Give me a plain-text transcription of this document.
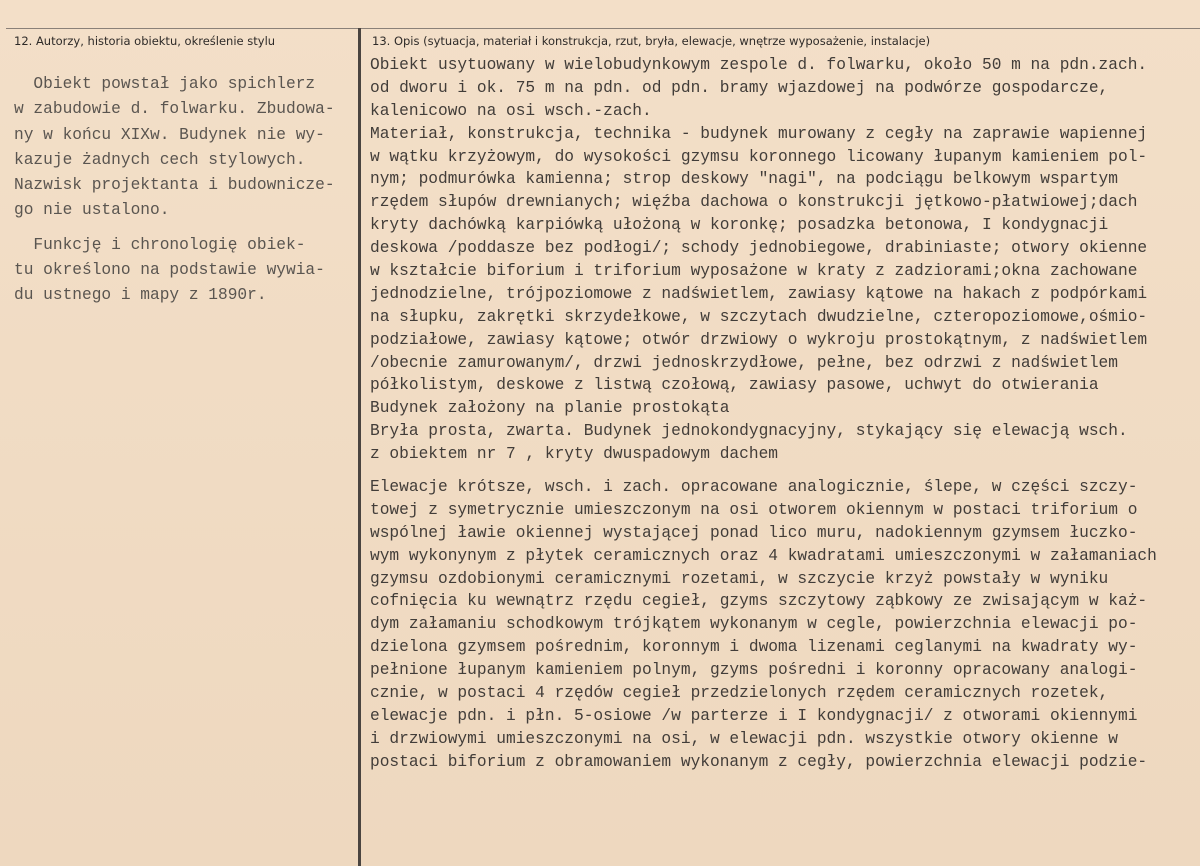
12. Autorzy, historia obiektu, określenie stylu	13. Opis (sytuacja, materiał i konstrukcja, rzut, bryła, elewacje, wnętrze wyposażenie, instalacje)

Obiekt powstał jako spichlerz

w zabudowie d. folwarku. Zbudowa-

ny w końcu XIXw. Budynek nie wy-

kazuje żadnych cech stylowych.

Nazwisk projektanta i budownicze-

go nie ustalono.

Funkcję i chronologię obiek-

tu określono na podstawie wywia-

du ustnego i mapy z 1890r.

Obiekt usytuowany w wielobudynkowym zespole d. folwarku, około 50 m na pdn.zach.
od dworu i ok. 75 m na pdn. od pdn. bramy wjazdowej na podwórze gospodarcze,
kalenicowo na osi wsch.-zach.
Materiał, konstrukcja, technika - budynek murowany z cegły na zaprawie wapiennej
w wątku krzyżowym, do wysokości gzymsu koronnego licowany łupanym kamieniem pol-
nym; podmurówka kamienna; strop deskowy "nagi", na podciągu belkowym wspartym
rzędem słupów drewnianych; więźba dachowa o konstrukcji jętkowo-płatwiowej;dach
kryty dachówką karpiówką ułożoną w koronkę; posadzka betonowa, I kondygnacji
deskowa /poddasze bez podłogi/; schody jednobiegowe, drabiniaste; otwory okienne
w kształcie biforium i triforium wyposażone w kraty z zadziorami;okna zachowane
jednodzielne, trójpoziomowe z nadświetlem, zawiasy kątowe na hakach z podpórkami
na słupku, zakrętki skrzydełkowe, w szczytach dwudzielne, czteropoziomowe,ośmio-
podziałowe, zawiasy kątowe; otwór drzwiowy o wykroju prostokątnym, z nadświetlem
/obecnie zamurowanym/, drzwi jednoskrzydłowe, pełne, bez odrzwi z nadświetlem
półkolistym, deskowe z listwą czołową, zawiasy pasowe, uchwyt do otwierania
Budynek założony na planie prostokąta
Bryła prosta, zwarta. Budynek jednokondygnacyjny, stykający się elewacją wsch.
z obiektem nr 7 , kryty dwuspadowym dachem
Elewacje krótsze, wsch. i zach. opracowane analogicznie, ślepe, w części szczy-
towej z symetrycznie umieszczonym na osi otworem okiennym w postaci triforium o
wspólnej ławie okiennej wystającej ponad lico muru, nadokiennym gzymsem łuczko-
wym wykonynym z płytek ceramicznych oraz 4 kwadratami umieszczonymi w załamaniach
gzymsu ozdobionymi ceramicznymi rozetami, w szczycie krzyż powstały w wyniku
cofnięcia ku wewnątrz rzędu cegieł, gzyms szczytowy ząbkowy ze zwisającym w każ-
dym załamaniu schodkowym trójkątem wykonanym w cegle, powierzchnia elewacji po-
dzielona gzymsem pośrednim, koronnym i dwoma lizenami ceglanymi na kwadraty wy-
pełnione łupanym kamieniem polnym, gzyms pośredni i koronny opracowany analogi-
cznie, w postaci 4 rzędów cegieł przedzielonych rzędem ceramicznych rozetek,
elewacje pdn. i płn. 5-osiowe /w parterze i I kondygnacji/ z otworami okiennymi
i drzwiowymi umieszczonymi na osi, w elewacji pdn. wszystkie otwory okienne w
postaci biforium z obramowaniem wykonanym z cegły, powierzchnia elewacji podzie-
